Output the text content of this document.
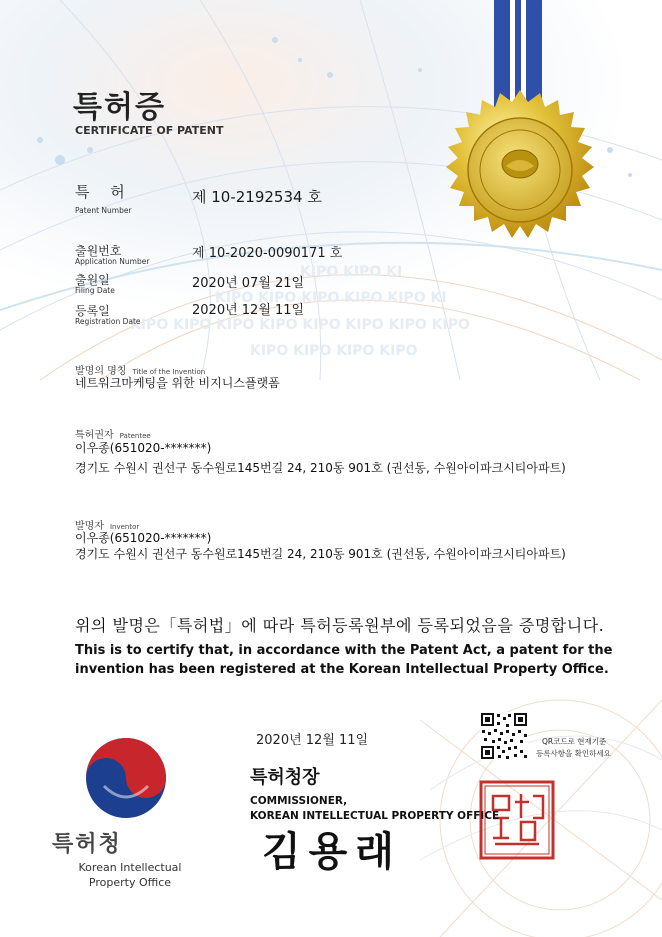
KIPO KIPO KI
KIPO KIPO KIPO KIPO KIPO KI
KIPO KIPO KIPO KIPO KIPO KIPO KIPO KIPO
KIPO KIPO KIPO KIPO
특허증
CERTIFICATE OF PATENT
특 허
Patent Number
제 10-2192534 호
출원번호
Application Number
제 10-2020-0090171 호
출원일
Filing Date	2020년 07월 21일
등록일
Registration Date
2020년 12월 11일
발명의 명칭 Title of the Invention
네트워크마케팅을 위한 비지니스플랫폼
특허권자 Patentee
이우종(651020-*******)
경기도 수원시 권선구 동수원로145번길 24, 210동 901호 (권선동, 수원아이파크시티아파트)
발명자 Inventor
이우종(651020-*******)
경기도 수원시 권선구 동수원로145번길 24, 210동 901호 (권선동, 수원아이파크시티아파트)
위의 발명은「특허법」에 따라 특허등록원부에 등록되었음을 증명합니다.
This is to certify that, in accordance with the Patent Act, a patent for the
invention has been registered at the Korean Intellectual Property Office.
2020년 12월 11일	QR코드로 현재기준
등록사항을 확인하세요
특허청장
COMMISSIONER,
KOREAN INTELLECTUAL PROPERTY OFFICE
김용래
특허청
Korean Intellectual
Property Office
